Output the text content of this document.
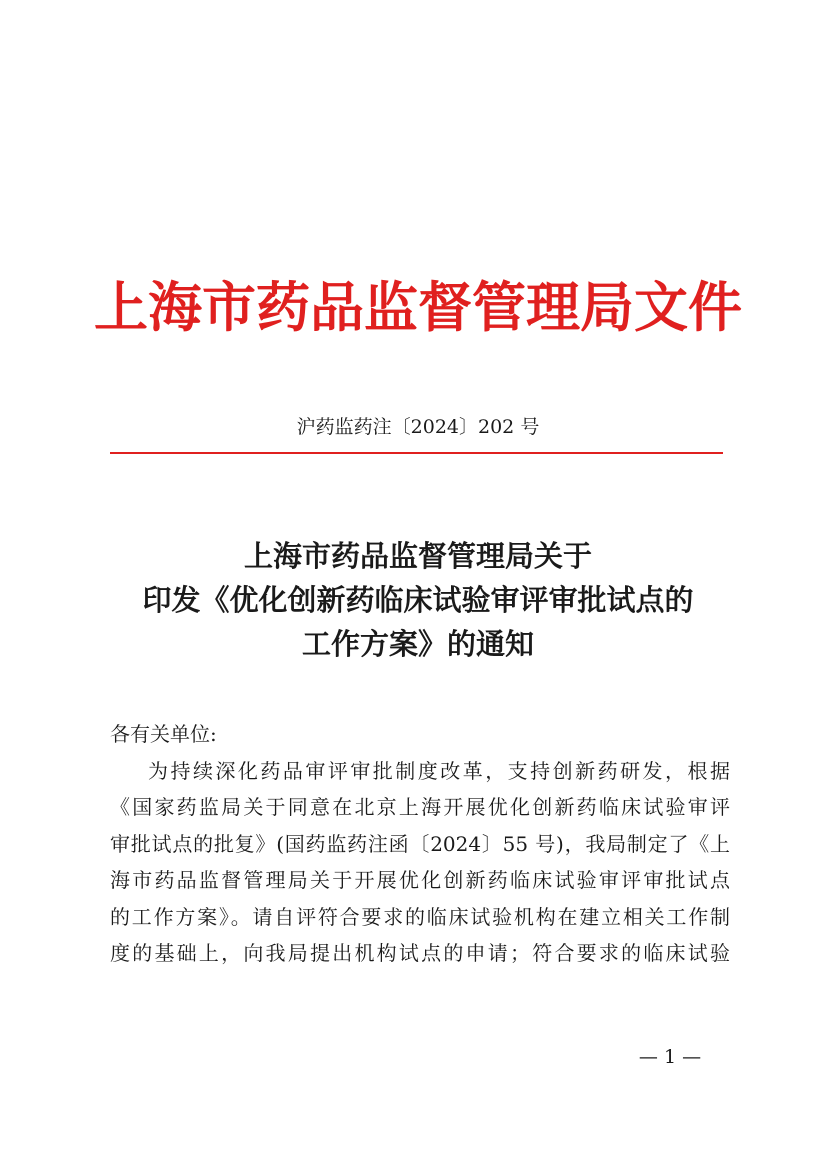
上海市药品监督管理局文件
沪药监药注〔2024〕202 号
上海市药品监督管理局关于
印发《优化创新药临床试验审评审批试点的
工作方案》的通知
各有关单位:
为持续深化药品审评审批制度改革，支持创新药研发，根据
《国家药监局关于同意在北京上海开展优化创新药临床试验审评
审批试点的批复》(国药监药注函〔2024〕55 号)，我局制定了《上
海市药品监督管理局关于开展优化创新药临床试验审评审批试点
的工作方案》。请自评符合要求的临床试验机构在建立相关工作制
度的基础上，向我局提出机构试点的申请；符合要求的临床试验
— 1 —
